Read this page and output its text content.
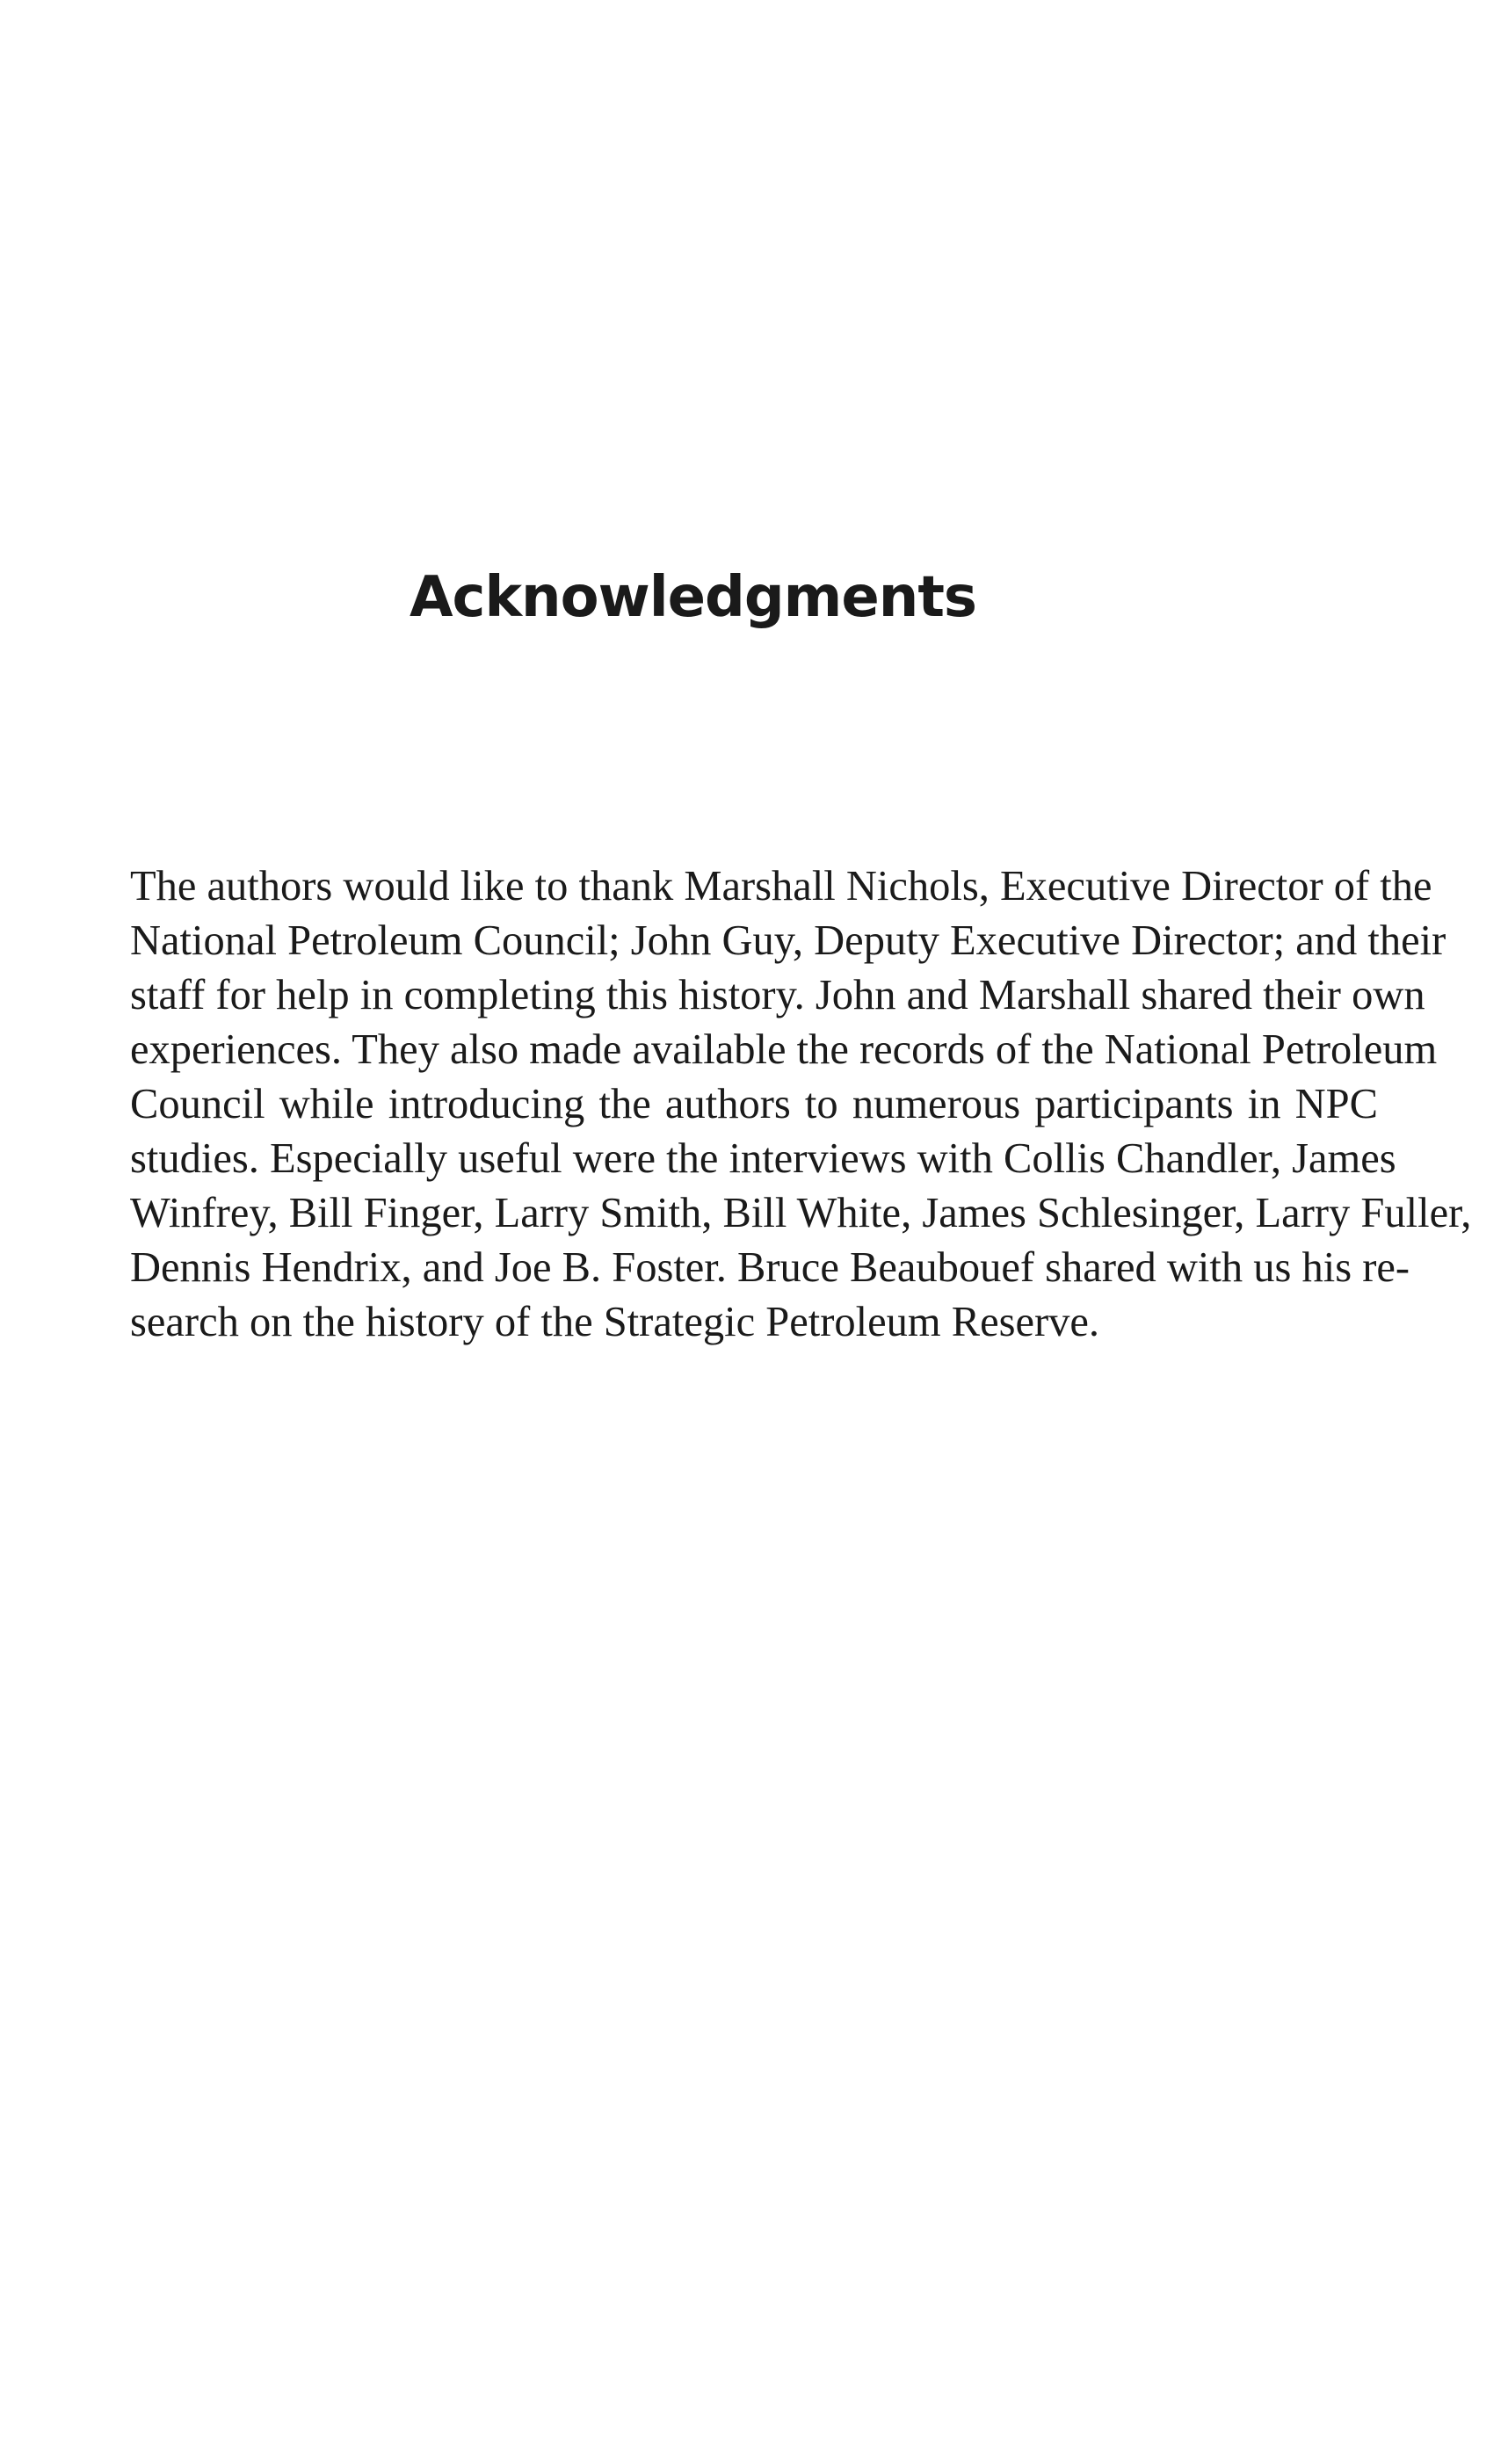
Acknowledgments

The authors would like to thank Marshall Nichols, Executive Director of the
National Petroleum Council; John Guy, Deputy Executive Director; and their
staff for help in completing this history. John and Marshall shared their own
experiences. They also made available the records of the National Petroleum
Council while introducing the authors to numerous participants in NPC
studies. Especially useful were the interviews with Collis Chandler, James
Winfrey, Bill Finger, Larry Smith, Bill White, James Schlesinger, Larry Fuller,
Dennis Hendrix, and Joe B. Foster. Bruce Beaubouef shared with us his re-
search on the history of the Strategic Petroleum Reserve.
